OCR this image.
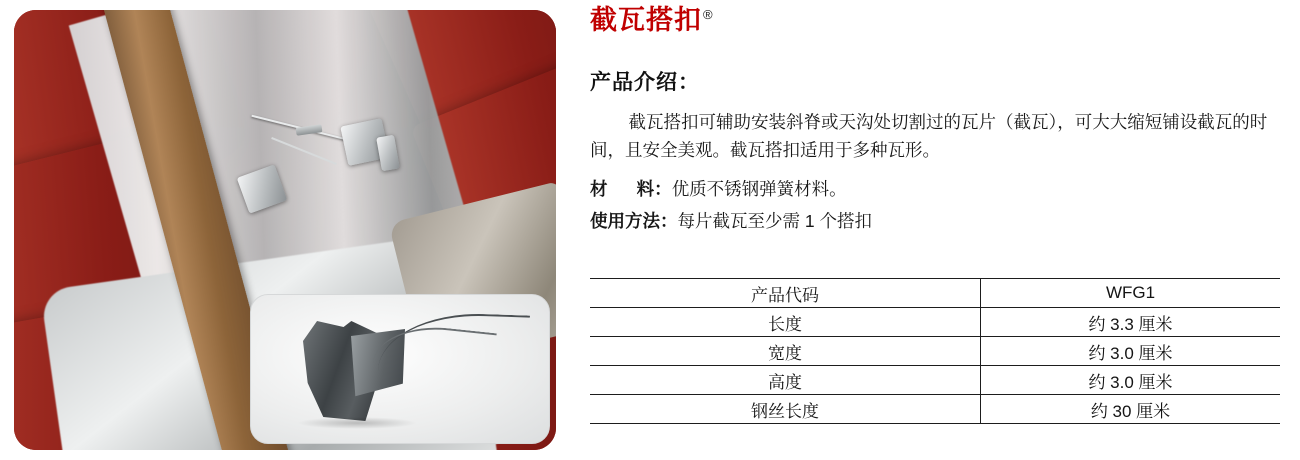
截瓦搭扣 ®
产品介绍：
截瓦搭扣可辅助安装斜脊或天沟处切割过的瓦片（截瓦），可大大缩短铺设截瓦的时间，且安全美观。截瓦搭扣适用于多种瓦形。
材      料： 优质不锈钢弹簧材料。
使用方法： 每片截瓦至少需 1 个搭扣
产品代码	WFG1
长度	约 3.3 厘米
宽度	约 3.0 厘米
高度	约 3.0 厘米
钢丝长度	约 30 厘米
